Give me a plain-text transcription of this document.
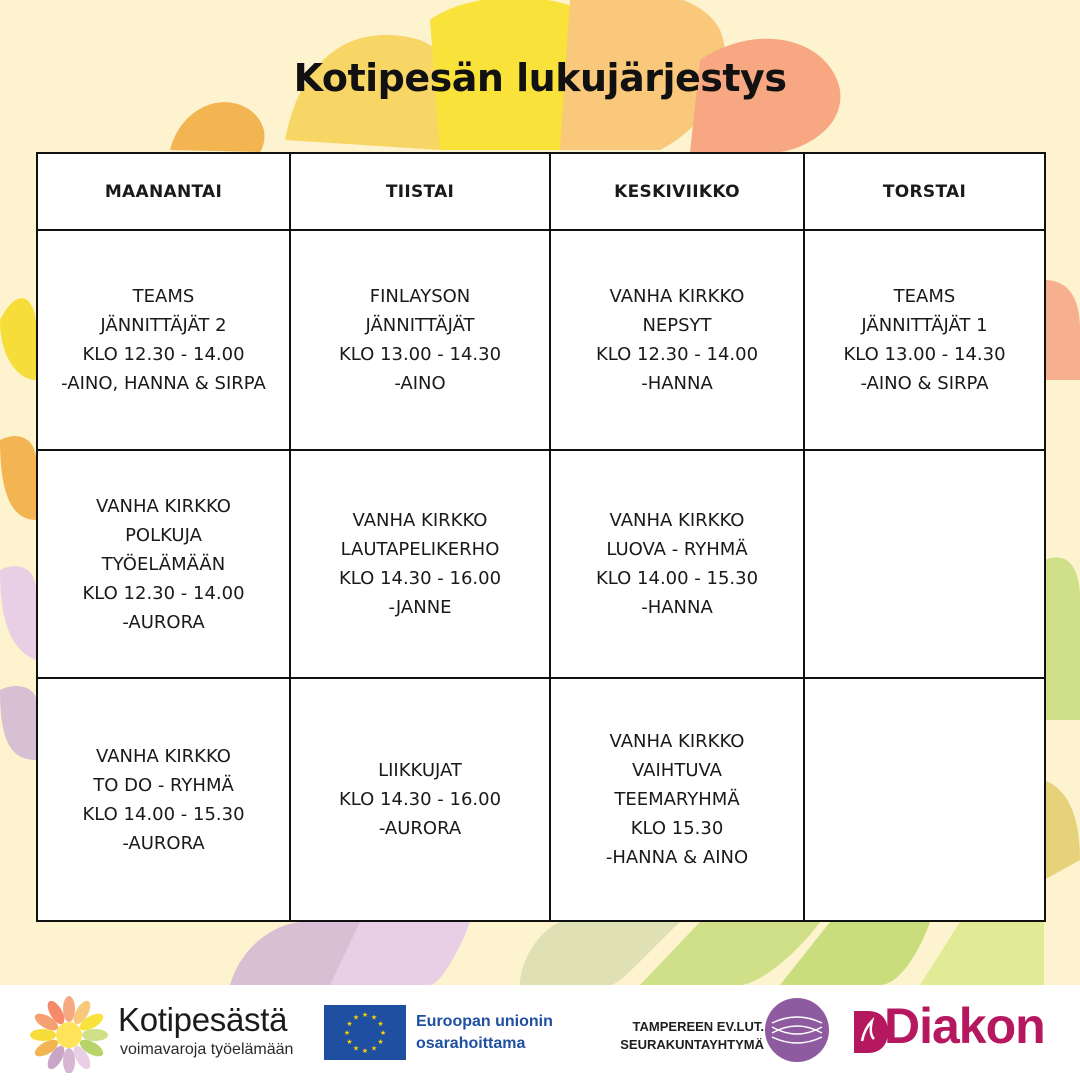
Kotipesän lukujärjestys
MAANANTAI	TIISTAI	KESKIVIIKKO	TORSTAI

TEAMS
JÄNNITTÄJÄT 2
KLO 12.30 - 14.00
-AINO, HANNA & SIRPA	FINLAYSON
JÄNNITTÄJÄT
KLO 13.00 - 14.30
-AINO	VANHA KIRKKO
NEPSYT
KLO 12.30 - 14.00
-HANNA	TEAMS
JÄNNITTÄJÄT 1
KLO 13.00 - 14.30
-AINO & SIRPA

VANHA KIRKKO
POLKUJA
TYÖELÄMÄÄN
KLO 12.30 - 14.00
-AURORA	VANHA KIRKKO
LAUTAPELIKERHO
KLO 14.30 - 16.00
-JANNE	VANHA KIRKKO
LUOVA - RYHMÄ
KLO 14.00 - 15.30
-HANNA	

VANHA KIRKKO
TO DO - RYHMÄ
KLO 14.00 - 15.30
-AURORA	LIIKKUJAT
KLO 14.30 - 16.00
-AURORA	VANHA KIRKKO
VAIHTUVA
TEEMARYHMÄ
KLO 15.30
-HANNA & AINO	

Kotipesästä
voimavaroja työelämään
★ ★
★
★
★
★
★
★
★
★
★
★	Euroopan unionin
osarahoittama
TAMPEREEN EV.LUT.
SEURAKUNTAYHTYMÄ Diakon
